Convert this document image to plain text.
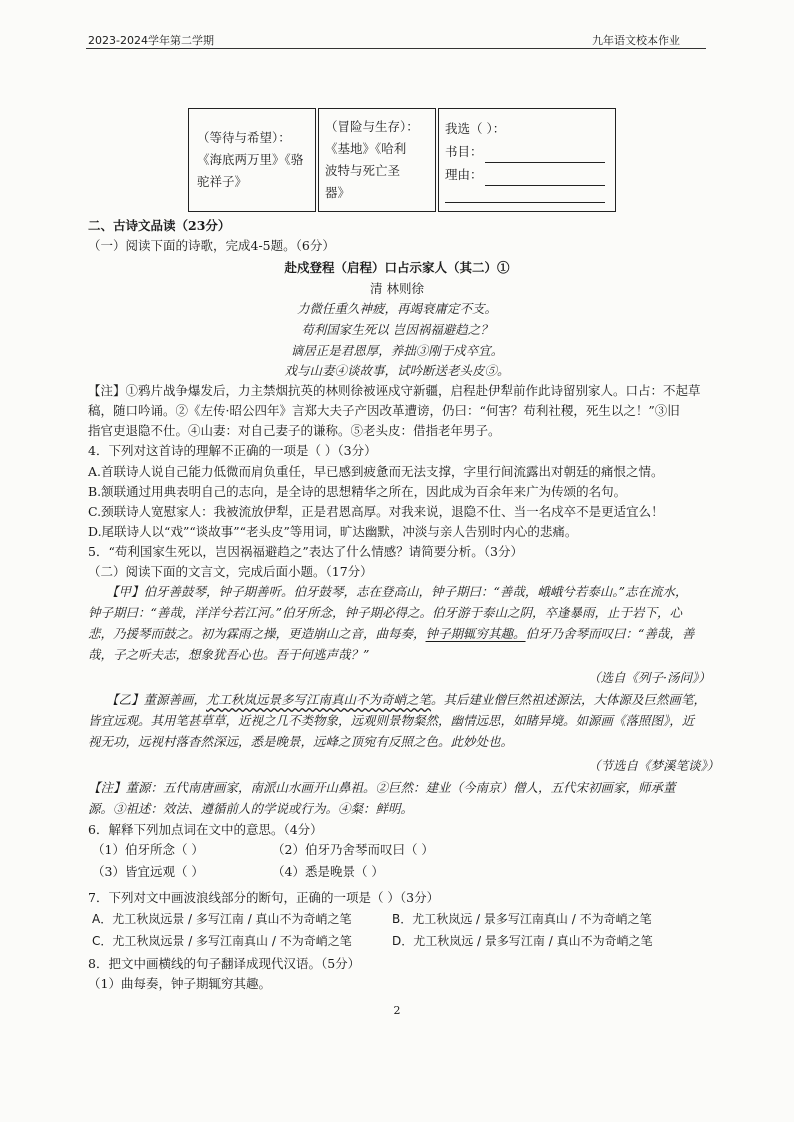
2023-2024学年第二学期	九年语文校本作业
（等待与希望）：
《海底两万里》《骆
驼祥子》

（冒险与生存）：
《基地》《哈利
波特与死亡圣
器》

我选（ ）：
书目：
理由：
二、古诗文品读（23分）
（一）阅读下面的诗歌，完成4-5题。（6分）
赴戍登程（启程）口占示家人（其二）①
清 林则徐
力微任重久神疲，再竭衰庸定不支。
苟利国家生死以 岂因祸福避趋之？
谪居正是君恩厚，养拙③刚于戍卒宜。
戏与山妻④谈故事，试吟断送老头皮⑤。
【注】①鸦片战争爆发后，力主禁烟抗英的林则徐被诬戍守新疆，启程赴伊犁前作此诗留别家人。口占：不起草
稿，随口吟诵。②《左传·昭公四年》言郑大夫子产因改革遭谤，仍曰：“何害？苟利社稷，死生以之！”③旧
指官吏退隐不仕。④山妻：对自己妻子的谦称。⑤老头皮：借指老年男子。
4．下列对这首诗的理解不正确的一项是（ ）（3分）
A.首联诗人说自己能力低微而肩负重任，早已感到疲惫而无法支撑，字里行间流露出对朝廷的痛恨之情。
B.颔联通过用典表明自己的志向，是全诗的思想精华之所在，因此成为百余年来广为传颂的名句。
C.颈联诗人宽慰家人：我被流放伊犁，正是君恩高厚。对我来说，退隐不仕、当一名戍卒不是更适宜么！
D.尾联诗人以“戏”“谈故事”“老头皮”等用词，旷达幽默，冲淡与亲人告别时内心的悲痛。
5．“苟利国家生死以，岂因祸福避趋之”表达了什么情感？请简要分析。（3分）
（二）阅读下面的文言文，完成后面小题。（17分）
【甲】伯牙善鼓琴，钟子期善听。伯牙鼓琴，志在登高山，钟子期曰：“善哉，峨峨兮若泰山。”志在流水，
钟子期曰：“善哉，洋洋兮若江河。”伯牙所念，钟子期必得之。伯牙游于泰山之阴，卒逢暴雨，止于岩下，心
悲，乃援琴而鼓之。初为霖雨之操，更造崩山之音，曲每奏，钟子期辄穷其趣。伯牙乃舍琴而叹曰：“善哉，善
哉，子之听夫志，想象犹吾心也。吾于何逃声哉？”
（选自《列子·汤问》）
【乙】董源善画，尤工秋岚远景多写江南真山不为奇峭之笔。其后建业僧巨然祖述源法，大体源及巨然画笔，
皆宜远观。其用笔甚草草，近视之几不类物象，远观则景物粲然，幽情远思，如睹异境。如源画《落照图》，近
视无功，远视村落杳然深远，悉是晚景，远峰之顶宛有反照之色。此妙处也。
（节选自《梦溪笔谈》）
【注】董源：五代南唐画家，南派山水画开山鼻祖。②巨然：建业（今南京）僧人，五代宋初画家，师承董
源。③祖述：效法、遵循前人的学说或行为。④粲：鲜明。
6．解释下列加点词在文中的意思。（4分）
（1）伯牙所念（ ）	（2）伯牙乃舍琴而叹曰（ ）
（3）皆宜远观（ ）	（4）悉是晚景（ ）
7．下列对文中画波浪线部分的断句，正确的一项是（ ）（3分）
A．尤工秋岚远景 / 多写江南 / 真山不为奇峭之笔	B．尤工秋岚远 / 景多写江南真山 / 不为奇峭之笔
C．尤工秋岚远景 / 多写江南真山 / 不为奇峭之笔	D．尤工秋岚远 / 景多写江南 / 真山不为奇峭之笔
8．把文中画横线的句子翻译成现代汉语。（5分）
（1）曲每奏，钟子期辄穷其趣。
2
